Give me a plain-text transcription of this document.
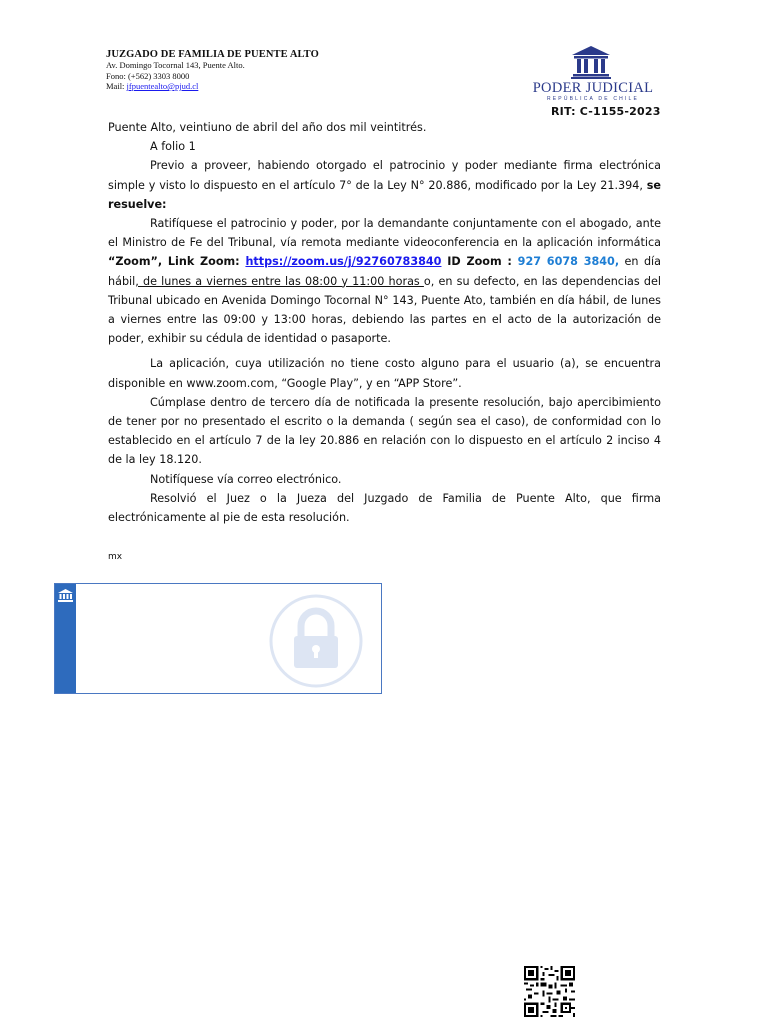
JUZGADO DE FAMILIA DE PUENTE ALTO
Av. Domingo Tocornal 143, Puente Alto.
Fono: (+562) 3303 8000
Mail: jfpuentealto@pjud.cl	PODER JUDICIAL
REPÚBLICA DE CHILE
RIT: C-1155-2023

Puente Alto, veintiuno de abril del año dos mil veintitrés.

A folio 1

Previo a proveer, habiendo otorgado el patrocinio y poder mediante firma electrónica simple y visto lo dispuesto en el artículo 7° de la Ley N° 20.886, modificado por la Ley 21.394, se resuelve:

Ratifíquese el patrocinio y poder, por la demandante conjuntamente con el abogado, ante el Ministro de Fe del Tribunal, vía remota mediante videoconferencia en la aplicación informática “Zoom”, Link Zoom: https://zoom.us/j/92760783840 ID Zoom : 927 6078 3840, en día hábil, de lunes a viernes entre las 08:00 y 11:00 horas o, en su defecto, en las dependencias del Tribunal ubicado en Avenida Domingo Tocornal N° 143, Puente Ato, también en día hábil, de lunes a viernes entre las 09:00 y 13:00 horas, debiendo las partes en el acto de la autorización de poder, exhibir su cédula de identidad o pasaporte.

La aplicación, cuya utilización no tiene costo alguno para el usuario (a), se encuentra disponible en www.zoom.com, “Google Play”, y en “APP Store”.

Cúmplase dentro de tercero día de notificada la presente resolución, bajo apercibimiento de tener por no presentado el escrito o la demanda ( según sea el caso), de conformidad con lo establecido en el artículo 7 de la ley 20.886 en relación con lo dispuesto en el artículo 2 inciso 4 de la ley 18.120.

Notifíquese vía correo electrónico.

Resolvió el Juez o la Jueza del Juzgado de Familia de Puente Alto, que firma electrónicamente al pie de esta resolución.

mx
